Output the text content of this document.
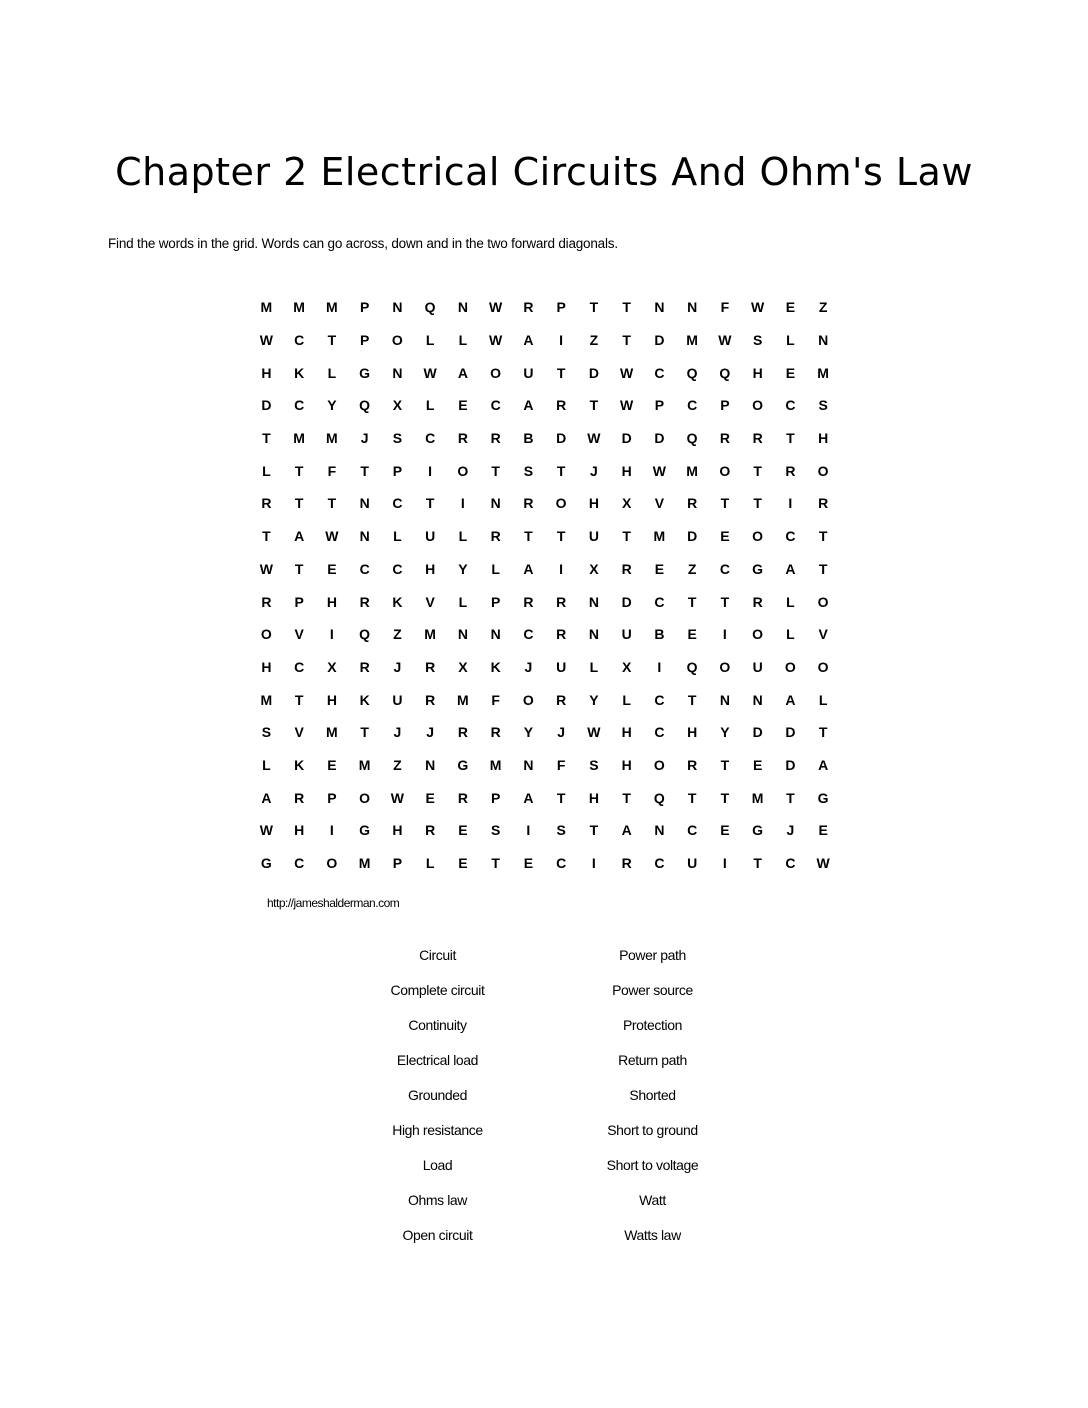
Chapter 2 Electrical Circuits And Ohm's Law

Find the words in the grid. Words can go across, down and in the two forward diagonals.

M	M	M	P	N	Q	N	W	R	P	T	T	N	N	F	W	E	Z
W	C	T	P	O	L	L	W	A	I	Z	T	D	M	W	S	L	N
H	K	L	G	N	W	A	O	U	T	D	W	C	Q	Q	H	E	M
D	C	Y	Q	X	L	E	C	A	R	T	W	P	C	P	O	C	S
T	M	M	J	S	C	R	R	B	D	W	D	D	Q	R	R	T	H
L	T	F	T	P	I	O	T	S	T	J	H	W	M	O	T	R	O
R	T	T	N	C	T	I	N	R	O	H	X	V	R	T	T	I	R
T	A	W	N	L	U	L	R	T	T	U	T	M	D	E	O	C	T
W	T	E	C	C	H	Y	L	A	I	X	R	E	Z	C	G	A	T
R	P	H	R	K	V	L	P	R	R	N	D	C	T	T	R	L	O
O	V	I	Q	Z	M	N	N	C	R	N	U	B	E	I	O	L	V
H	C	X	R	J	R	X	K	J	U	L	X	I	Q	O	U	O	O
M	T	H	K	U	R	M	F	O	R	Y	L	C	T	N	N	A	L
S	V	M	T	J	J	R	R	Y	J	W	H	C	H	Y	D	D	T
L	K	E	M	Z	N	G	M	N	F	S	H	O	R	T	E	D	A
A	R	P	O	W	E	R	P	A	T	H	T	Q	T	T	M	T	G
W	H	I	G	H	R	E	S	I	S	T	A	N	C	E	G	J	E
G	C	O	M	P	L	E	T	E	C	I	R	C	U	I	T	C	W
http://jameshalderman.com
Circuit
Complete circuit
Continuity
Electrical load
Grounded
High resistance
Load
Ohms law
Open circuit
Power path
Power source
Protection
Return path
Shorted
Short to ground
Short to voltage
Watt
Watts law
